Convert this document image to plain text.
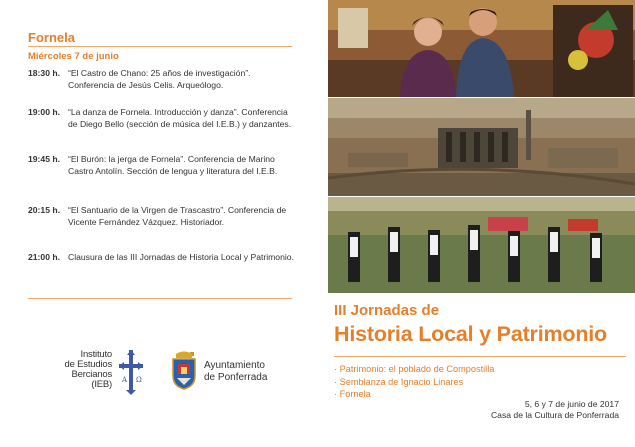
Fornela
Miércoles 7 de junio
18:30 h. “El Castro de Chano: 25 años de investigación”. Conferencia de Jesús Celis. Arqueólogo.
19:00 h. “La danza de Fornela. Introducción y danza”. Conferencia de Diego Bello (sección de música del I.E.B.) y danzantes.
19:45 h. “El Burón: la jerga de Fornela”. Conferencia de Marino Castro Antolín. Sección de lengua y literatura del I.E.B.
20:15 h. “El Santuario de la Virgen de Trascastro”. Conferencia de Vicente Fernández Vázquez. Historiador.
21:00 h. Clausura de las III Jornadas de Historia Local y Patrimonio.
Instituto
de Estudios
Bercianos
(IEB) A Ω
Ayuntamiento
de Ponferrada
III Jornadas de
Historia Local y Patrimonio
· Patrimonio: el poblado de Compostilla
· Semblanza de Ignacio Linares
· Fornela
5, 6 y 7 de junio de 2017
Casa de la Cultura de Ponferrada
